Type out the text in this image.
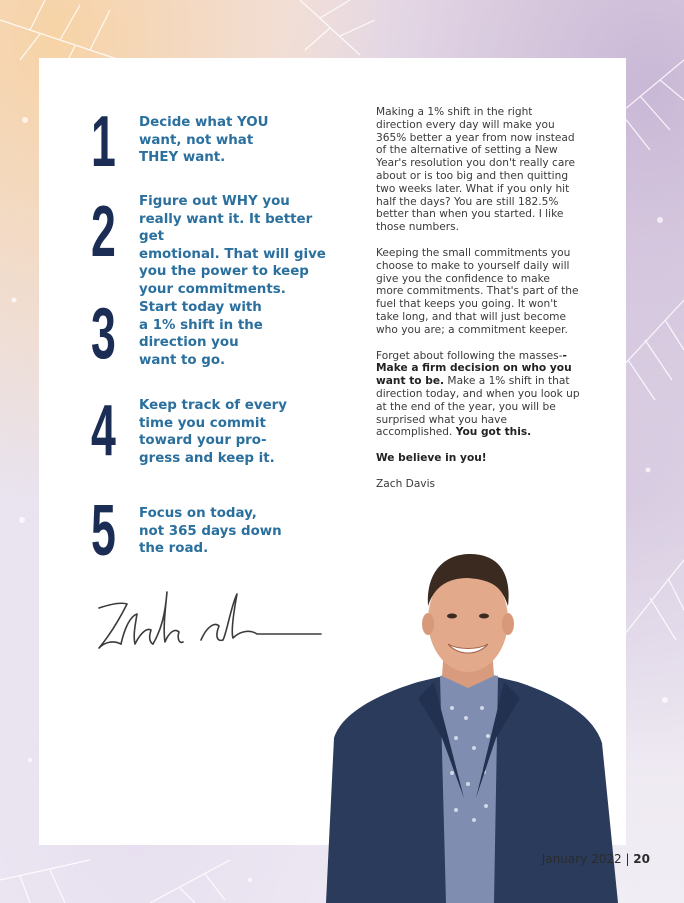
1 Decide what YOU
want, not what
THEY want.
2 Figure out WHY you
really want it. It better get
emotional. That will give
you the power to keep
your commitments.
3 Start today with
a 1% shift in the
direction you
want to go.
4 Keep track of every
time you commit
toward your pro-
gress and keep it.
5 Focus on today,
not 365 days down
the road.

Making a 1% shift in the right direction every day will make you 365% better a year from now instead of the alternative of setting a New Year's resolution you don't really care about or is too big and then quitting two weeks later. What if you only hit half the days? You are still 182.5% better than when you started. I like those numbers.

Keeping the small commitments you choose to make to yourself daily will give you the confidence to make more commitments. That's part of the fuel that keeps you going. It won't take long, and that will just become who you are; a commitment keeper.

Forget about following the masses--Make a firm decision on who you want to be. Make a 1% shift in that direction today, and when you look up at the end of the year, you will be surprised what you have accomplished. You got this.

We believe in you!

Zach Davis

January 2022 | 20
